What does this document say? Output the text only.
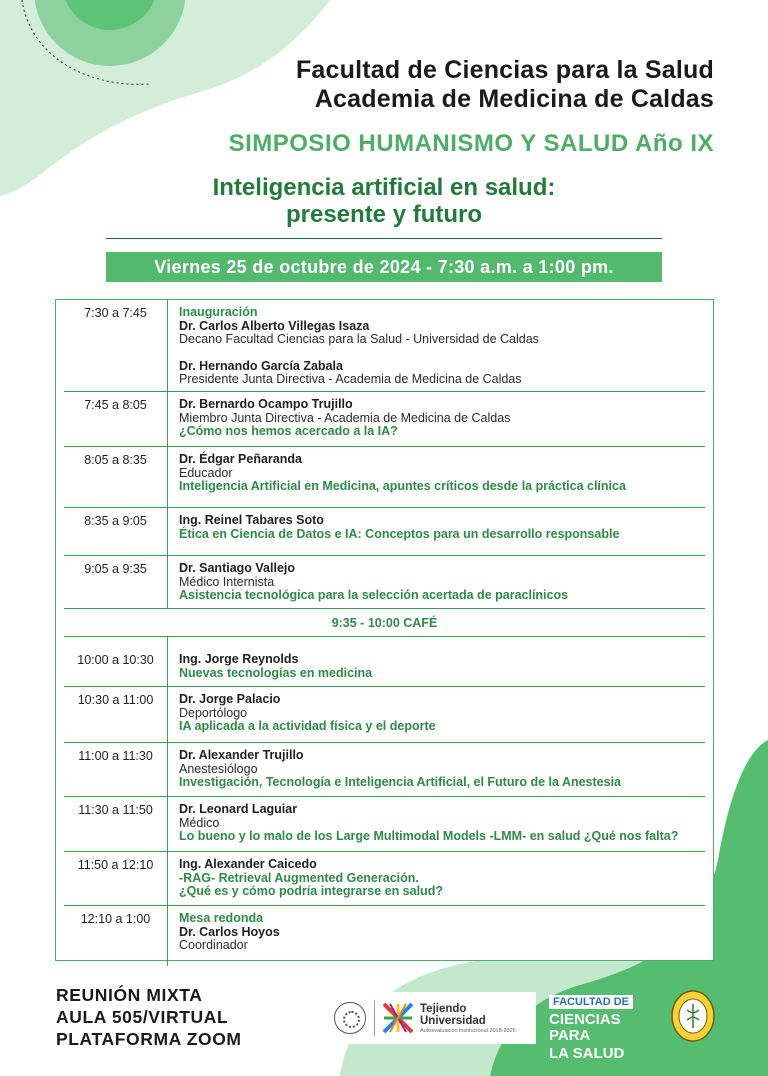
Facultad de Ciencias para la Salud
Academia de Medicina de Caldas
SIMPOSIO HUMANISMO Y SALUD Año IX
Inteligencia artificial en salud:
presente y futuro
Viernes 25 de octubre de 2024 - 7:30 a.m. a 1:00 pm.
7:30 a 7:45	Inauguración
Dr. Carlos Alberto Villegas Isaza
Decano Facultad Ciencias para la Salud - Universidad de Caldas
Dr. Hernando García Zabala
Presidente Junta Directiva - Academia de Medicina de Caldas
7:45 a 8:05	Dr. Bernardo Ocampo Trujillo
Miembro Junta Directiva - Academia de Medicina de Caldas
¿Cómo nos hemos acercado a la IA?
8:05 a 8:35	Dr. Édgar Peñaranda
Educador
Inteligencia Artificial en Medicina, apuntes críticos desde la práctica clínica
8:35 a 9:05	Ing. Reinel Tabares Soto
Ética en Ciencia de Datos e IA: Conceptos para un desarrollo responsable
9:05 a 9:35	Dr. Santiago Vallejo
Médico Internista
Asistencia tecnológica para la selección acertada de paraclínicos
9:35 - 10:00 CAFÉ
10:00 a 10:30	Ing. Jorge Reynolds
Nuevas tecnologías en medicina
10:30 a 11:00	Dr. Jorge Palacio
Deportólogo
IA aplicada a la actividad física y el deporte
11:00 a 11:30	Dr. Alexander Trujillo
Anestesiólogo
Investigación, Tecnología e Inteligencia Artificial, el Futuro de la Anestesia
11:30 a 11:50	Dr. Leonard Laguiar
Médico
Lo bueno y lo malo de los Large Multimodal Models -LMM- en salud ¿Qué nos falta?
11:50 a 12:10	Ing. Alexander Caicedo
-RAG- Retrieval Augmented Generación.
¿Qué es y cómo podría integrarse en salud?
12:10 a 1:00	Mesa redonda
Dr. Carlos Hoyos
Coordinador
REUNIÓN MIXTA
AULA 505/VIRTUAL
PLATAFORMA ZOOM
Tejiendo
Universidad
Autoevaluación institucional 2018-2026
FACULTAD DE
CIENCIAS PARA
LA SALUD
